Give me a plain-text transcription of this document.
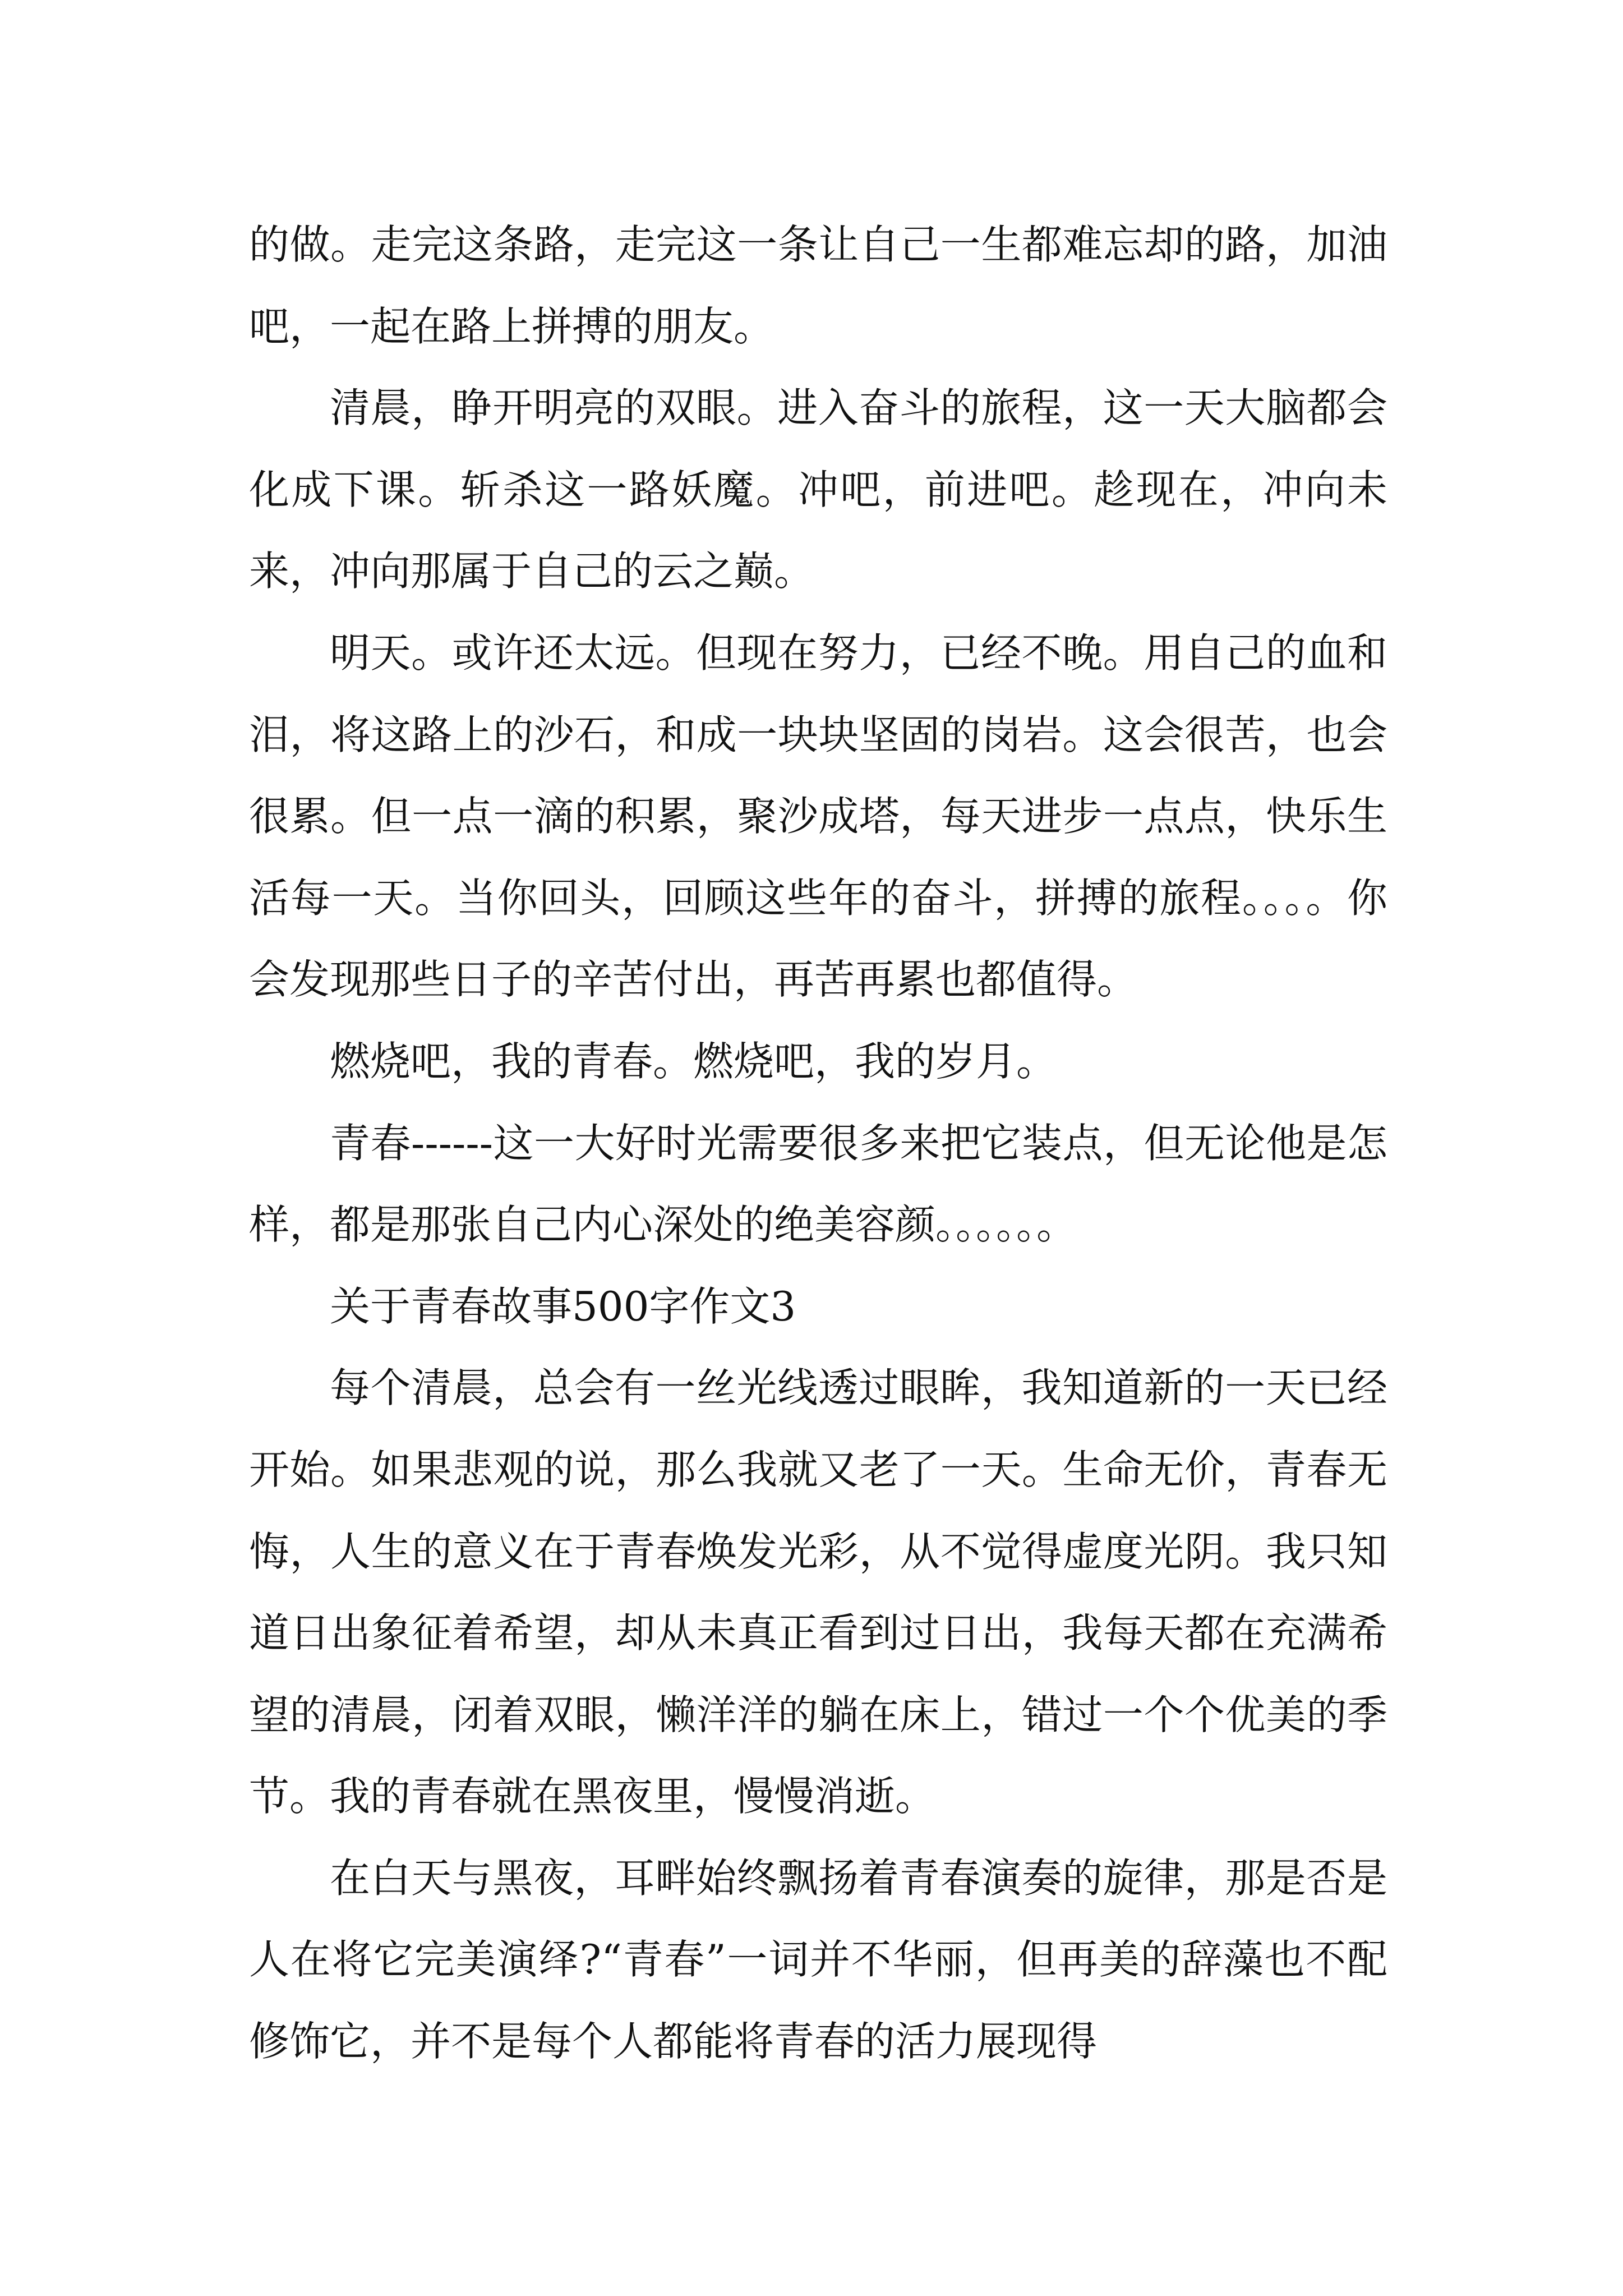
的做。走完这条路，走完这一条让自己一生都难忘却的路，加油吧，一起在路上拼搏的朋友。

清晨，睁开明亮的双眼。进入奋斗的旅程，这一天大脑都会化成下课。斩杀这一路妖魔。冲吧，前进吧。趁现在，冲向未来，冲向那属于自己的云之巅。

明天。或许还太远。但现在努力，已经不晚。用自己的血和泪，将这路上的沙石，和成一块块坚固的岗岩。这会很苦，也会很累。但一点一滴的积累，聚沙成塔，每天进步一点点，快乐生活每一天。当你回头，回顾这些年的奋斗，拼搏的旅程。。。。你会发现那些日子的辛苦付出，再苦再累也都值得。

燃烧吧，我的青春。燃烧吧，我的岁月。

青春------这一大好时光需要很多来把它装点，但无论他是怎样，都是那张自己内心深处的绝美容颜。。。。。。

关于青春故事500字作文3

每个清晨，总会有一丝光线透过眼眸，我知道新的一天已经开始。如果悲观的说，那么我就又老了一天。生命无价，青春无悔，人生的意义在于青春焕发光彩，从不觉得虚度光阴。我只知道日出象征着希望，却从未真正看到过日出，我每天都在充满希望的清晨，闭着双眼，懒洋洋的躺在床上，错过一个个优美的季节。我的青春就在黑夜里，慢慢消逝。

在白天与黑夜，耳畔始终飘扬着青春演奏的旋律，那是否是人在将它完美演绎?“青春”一词并不华丽，但再美的辞藻也不配修饰它，并不是每个人都能将青春的活力展现得
